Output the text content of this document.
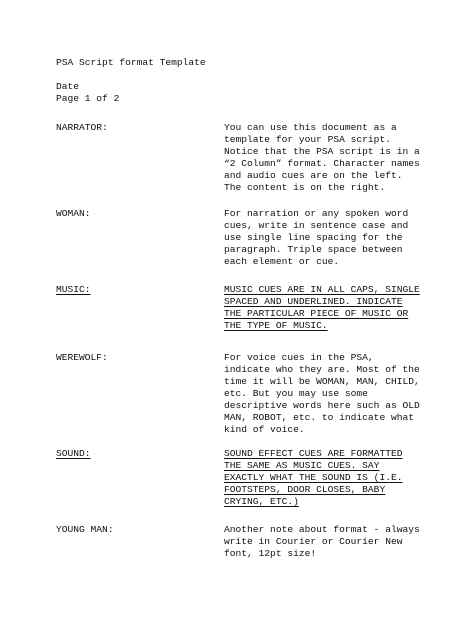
PSA Script format Template
Date
Page 1 of 2
NARRATOR:	You can use this document as a
template for your PSA script.
Notice that the PSA script is in a
“2 Column” format. Character names
and audio cues are on the left.
The content is on the right.
WOMAN:	For narration or any spoken word
cues, write in sentence case and
use single line spacing for the
paragraph. Triple space between
each element or cue.
MUSIC:	MUSIC CUES ARE IN ALL CAPS, SINGLE
SPACED AND UNDERLINED. INDICATE
THE PARTICULAR PIECE OF MUSIC OR
THE TYPE OF MUSIC.
WEREWOLF:	For voice cues in the PSA,
indicate who they are. Most of the
time it will be WOMAN, MAN, CHILD,
etc. But you may use some
descriptive words here such as OLD
MAN, ROBOT, etc. to indicate what
kind of voice.
SOUND:	SOUND EFFECT CUES ARE FORMATTED
THE SAME AS MUSIC CUES. SAY
EXACTLY WHAT THE SOUND IS (I.E.
FOOTSTEPS, DOOR CLOSES, BABY
CRYING, ETC.)
YOUNG MAN:	Another note about format - always
write in Courier or Courier New
font, 12pt size!
